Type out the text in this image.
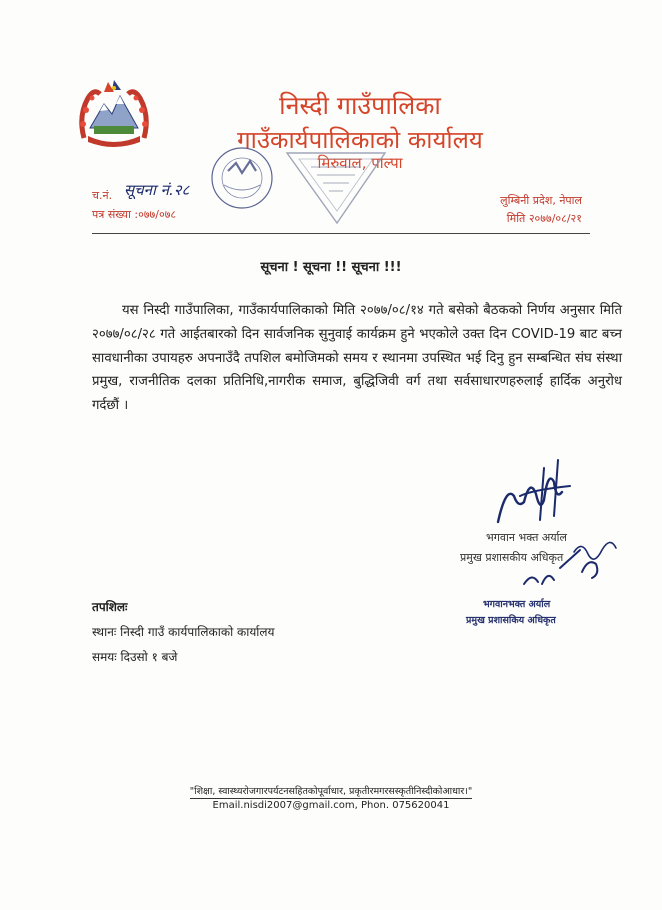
निस्दी गाउँपालिका
गाउँकार्यपालिकाको कार्यालय
मिरुवाल, पाल्पा
च.नं. सूचना नं.२८
पत्र संख्या :०७७/०७८
लुम्बिनी प्रदेश, नेपाल
मिति २०७७/०८/२१
सूचना ! सूचना !! सूचना !!!

यस निस्दी गाउँपालिका, गाउँकार्यपालिकाको मिति २०७७/०८/१४ गते बसेको बैठकको निर्णय अनुसार मिति २०७७/०८/२८ गते आईतबारको दिन सार्वजनिक सुनुवाई कार्यक्रम हुने भएकोले उक्त दिन COVID-19 बाट बच्न सावधानीका उपायहरु अपनाउँदै तपशिल बमोजिमको समय र स्थानमा उपस्थित भई दिनु हुन सम्बन्धित संघ संस्था प्रमुख, राजनीतिक दलका प्रतिनिधि,नागरीक समाज, बुद्धिजिवी वर्ग तथा सर्वसाधारणहरुलाई हार्दिक अनुरोध गर्दछौं ।

भगवान भक्त अर्याल
प्रमुख प्रशासकीय अधिकृत
भगवानभक्त अर्याल
प्रमुख प्रशासकिय अधिकृत
तपशिलः
स्थानः निस्दी गाउँ कार्यपालिकाको कार्यालय
समयः दिउसो १ बजे
"शिक्षा, स्वास्थ्यरोजगारपर्यटनसहितकोपूर्वाधार, प्रकृतीरमगरसस्कृतीनिस्दीकोआधार।"
Email.nisdi2007@gmail.com, Phon. 075620041
